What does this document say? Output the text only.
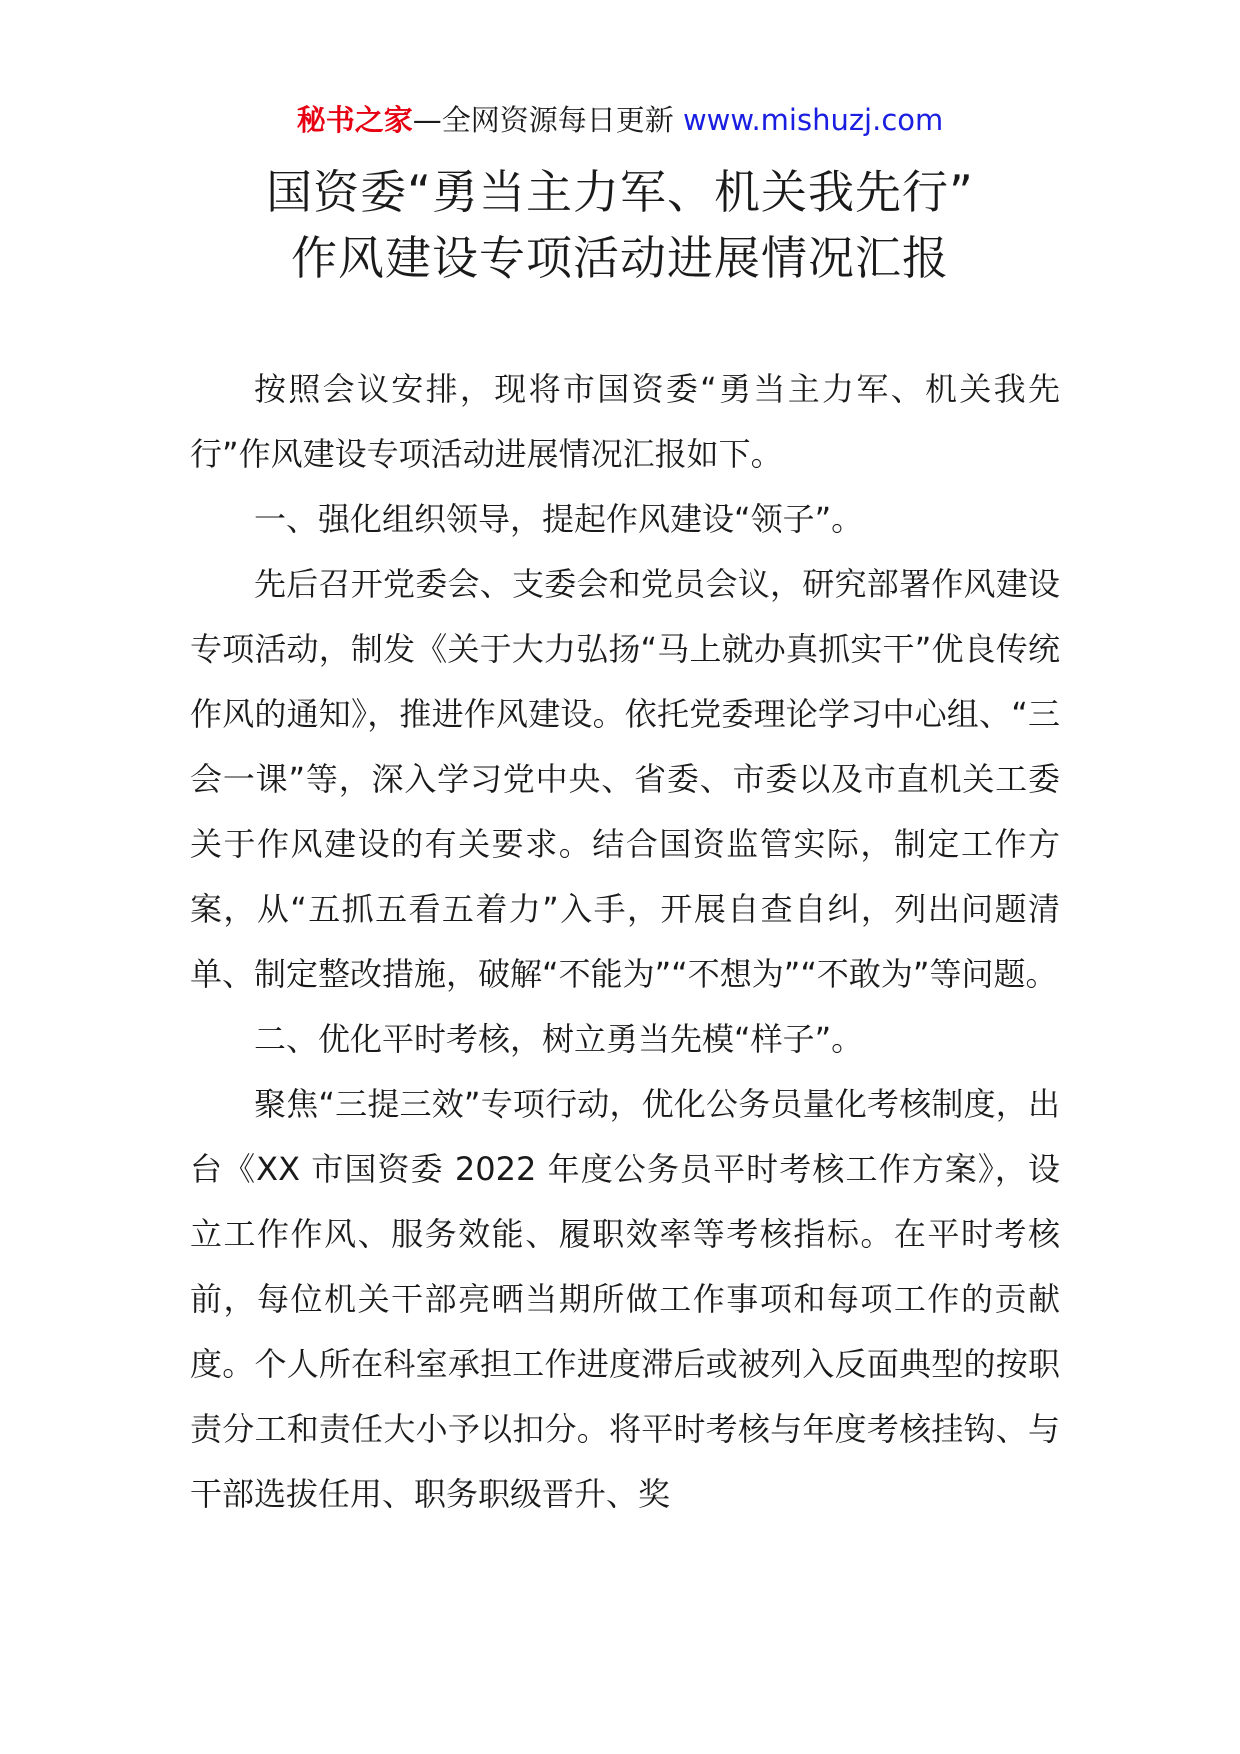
秘书之家—全网资源每日更新 www.mishuzj.com
国资委“勇当主力军、机关我先行”
作风建设专项活动进展情况汇报

按照会议安排，现将市国资委“勇当主力军、机关我先行”作风建设专项活动进展情况汇报如下。

一、强化组织领导，提起作风建设“领子”。

先后召开党委会、支委会和党员会议，研究部署作风建设专项活动，制发《关于大力弘扬“马上就办真抓实干”优良传统作风的通知》，推进作风建设。依托党委理论学习中心组、“三会一课”等，深入学习党中央、省委、市委以及市直机关工委关于作风建设的有关要求。结合国资监管实际，制定工作方案，从“五抓五看五着力”入手，开展自查自纠，列出问题清单、制定整改措施，破解“不能为”“不想为”“不敢为”等问题。

二、优化平时考核，树立勇当先模“样子”。

聚焦“三提三效”专项行动，优化公务员量化考核制度，出台《XX 市国资委 2022 年度公务员平时考核工作方案》，设立工作作风、服务效能、履职效率等考核指标。在平时考核前，每位机关干部亮晒当期所做工作事项和每项工作的贡献度。个人所在科室承担工作进度滞后或被列入反面典型的按职责分工和责任大小予以扣分。将平时考核与年度考核挂钩、与干部选拔任用、职务职级晋升、奖
